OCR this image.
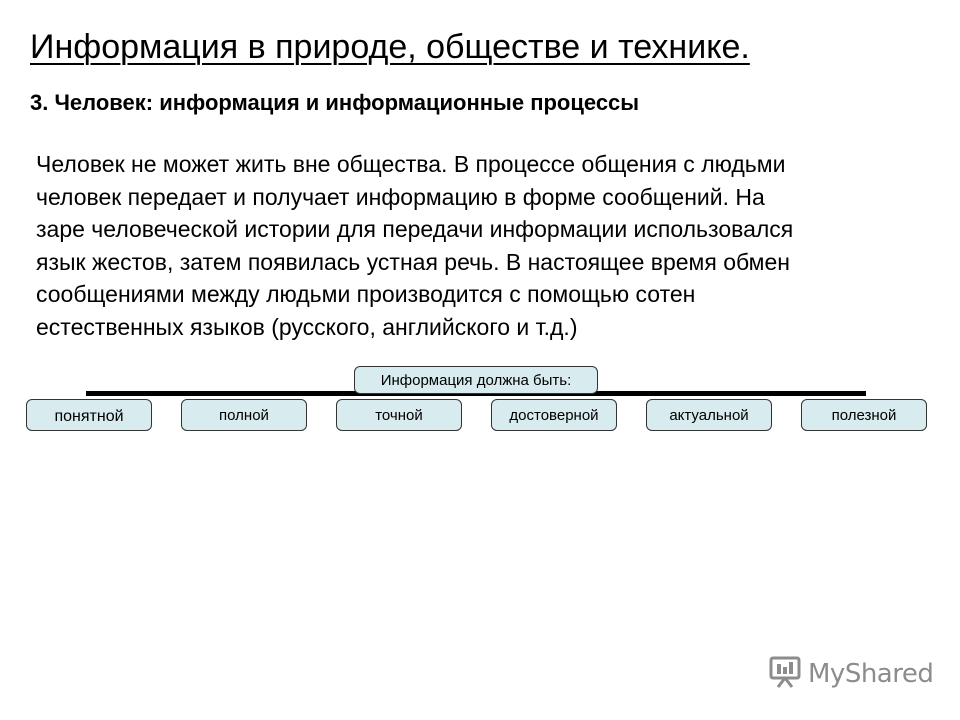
Информация в природе, обществе и технике.
3. Человек: информация и информационные процессы
Человек не может жить вне общества. В процессе общения с людьми
человек передает и получает информацию в форме сообщений. На
заре человеческой истории для передачи информации использовался
язык жестов, затем появилась устная речь. В настоящее время обмен
сообщениями между людьми производится с помощью сотен
естественных языков (русского, английского и т.д.)
Информация должна быть:
понятной	полной	точной	достоверной	актуальной	полезной
MyShared
